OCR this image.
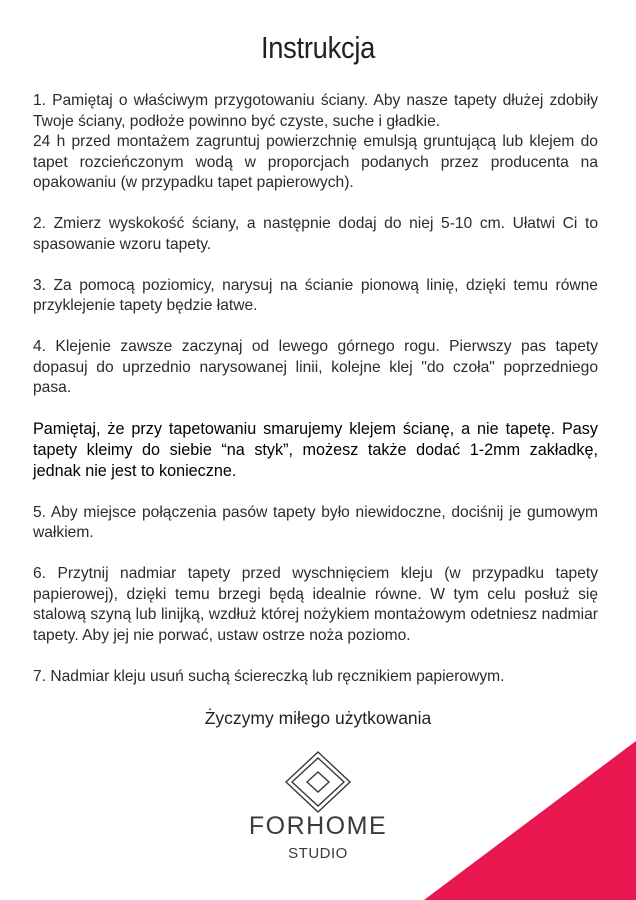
Instrukcja

1. Pamiętaj o właściwym przygotowaniu ściany. Aby nasze tapety dłużej zdobiły Twoje ściany, podłoże powinno być czyste, suche i gładkie.

24 h przed montażem zagruntuj powierzchnię emulsją gruntującą lub klejem do tapet rozcieńczonym wodą w proporcjach podanych przez producenta na opakowaniu (w przypadku tapet papierowych).

2. Zmierz wyskokość ściany, a następnie dodaj do niej 5-10 cm. Ułatwi Ci to spasowanie wzoru tapety.

3. Za pomocą poziomicy, narysuj na ścianie pionową linię, dzięki temu równe przyklejenie tapety będzie łatwe.

4. Klejenie zawsze zaczynaj od lewego górnego rogu. Pierwszy pas tapety dopasuj do uprzednio narysowanej linii, kolejne klej "do czoła" poprzedniego pasa.

Pamiętaj, że przy tapetowaniu smarujemy klejem ścianę, a nie tapetę. Pasy tapety kleimy do siebie “na styk”, możesz także dodać 1-2mm zakładkę, jednak nie jest to konieczne.

5. Aby miejsce połączenia pasów tapety było niewidoczne, dociśnij je gumowym wałkiem.

6. Przytnij nadmiar tapety przed wyschnięciem kleju (w przypadku tapety papierowej), dzięki temu brzegi będą idealnie równe. W tym celu posłuż się stalową szyną lub linijką, wzdłuż której nożykiem montażowym odetniesz nadmiar tapety. Aby jej nie porwać, ustaw ostrze noża poziomo.

7. Nadmiar kleju usuń suchą ściereczką lub ręcznikiem papierowym.

Życzymy miłego użytkowania
FORHOME
STUDIO
